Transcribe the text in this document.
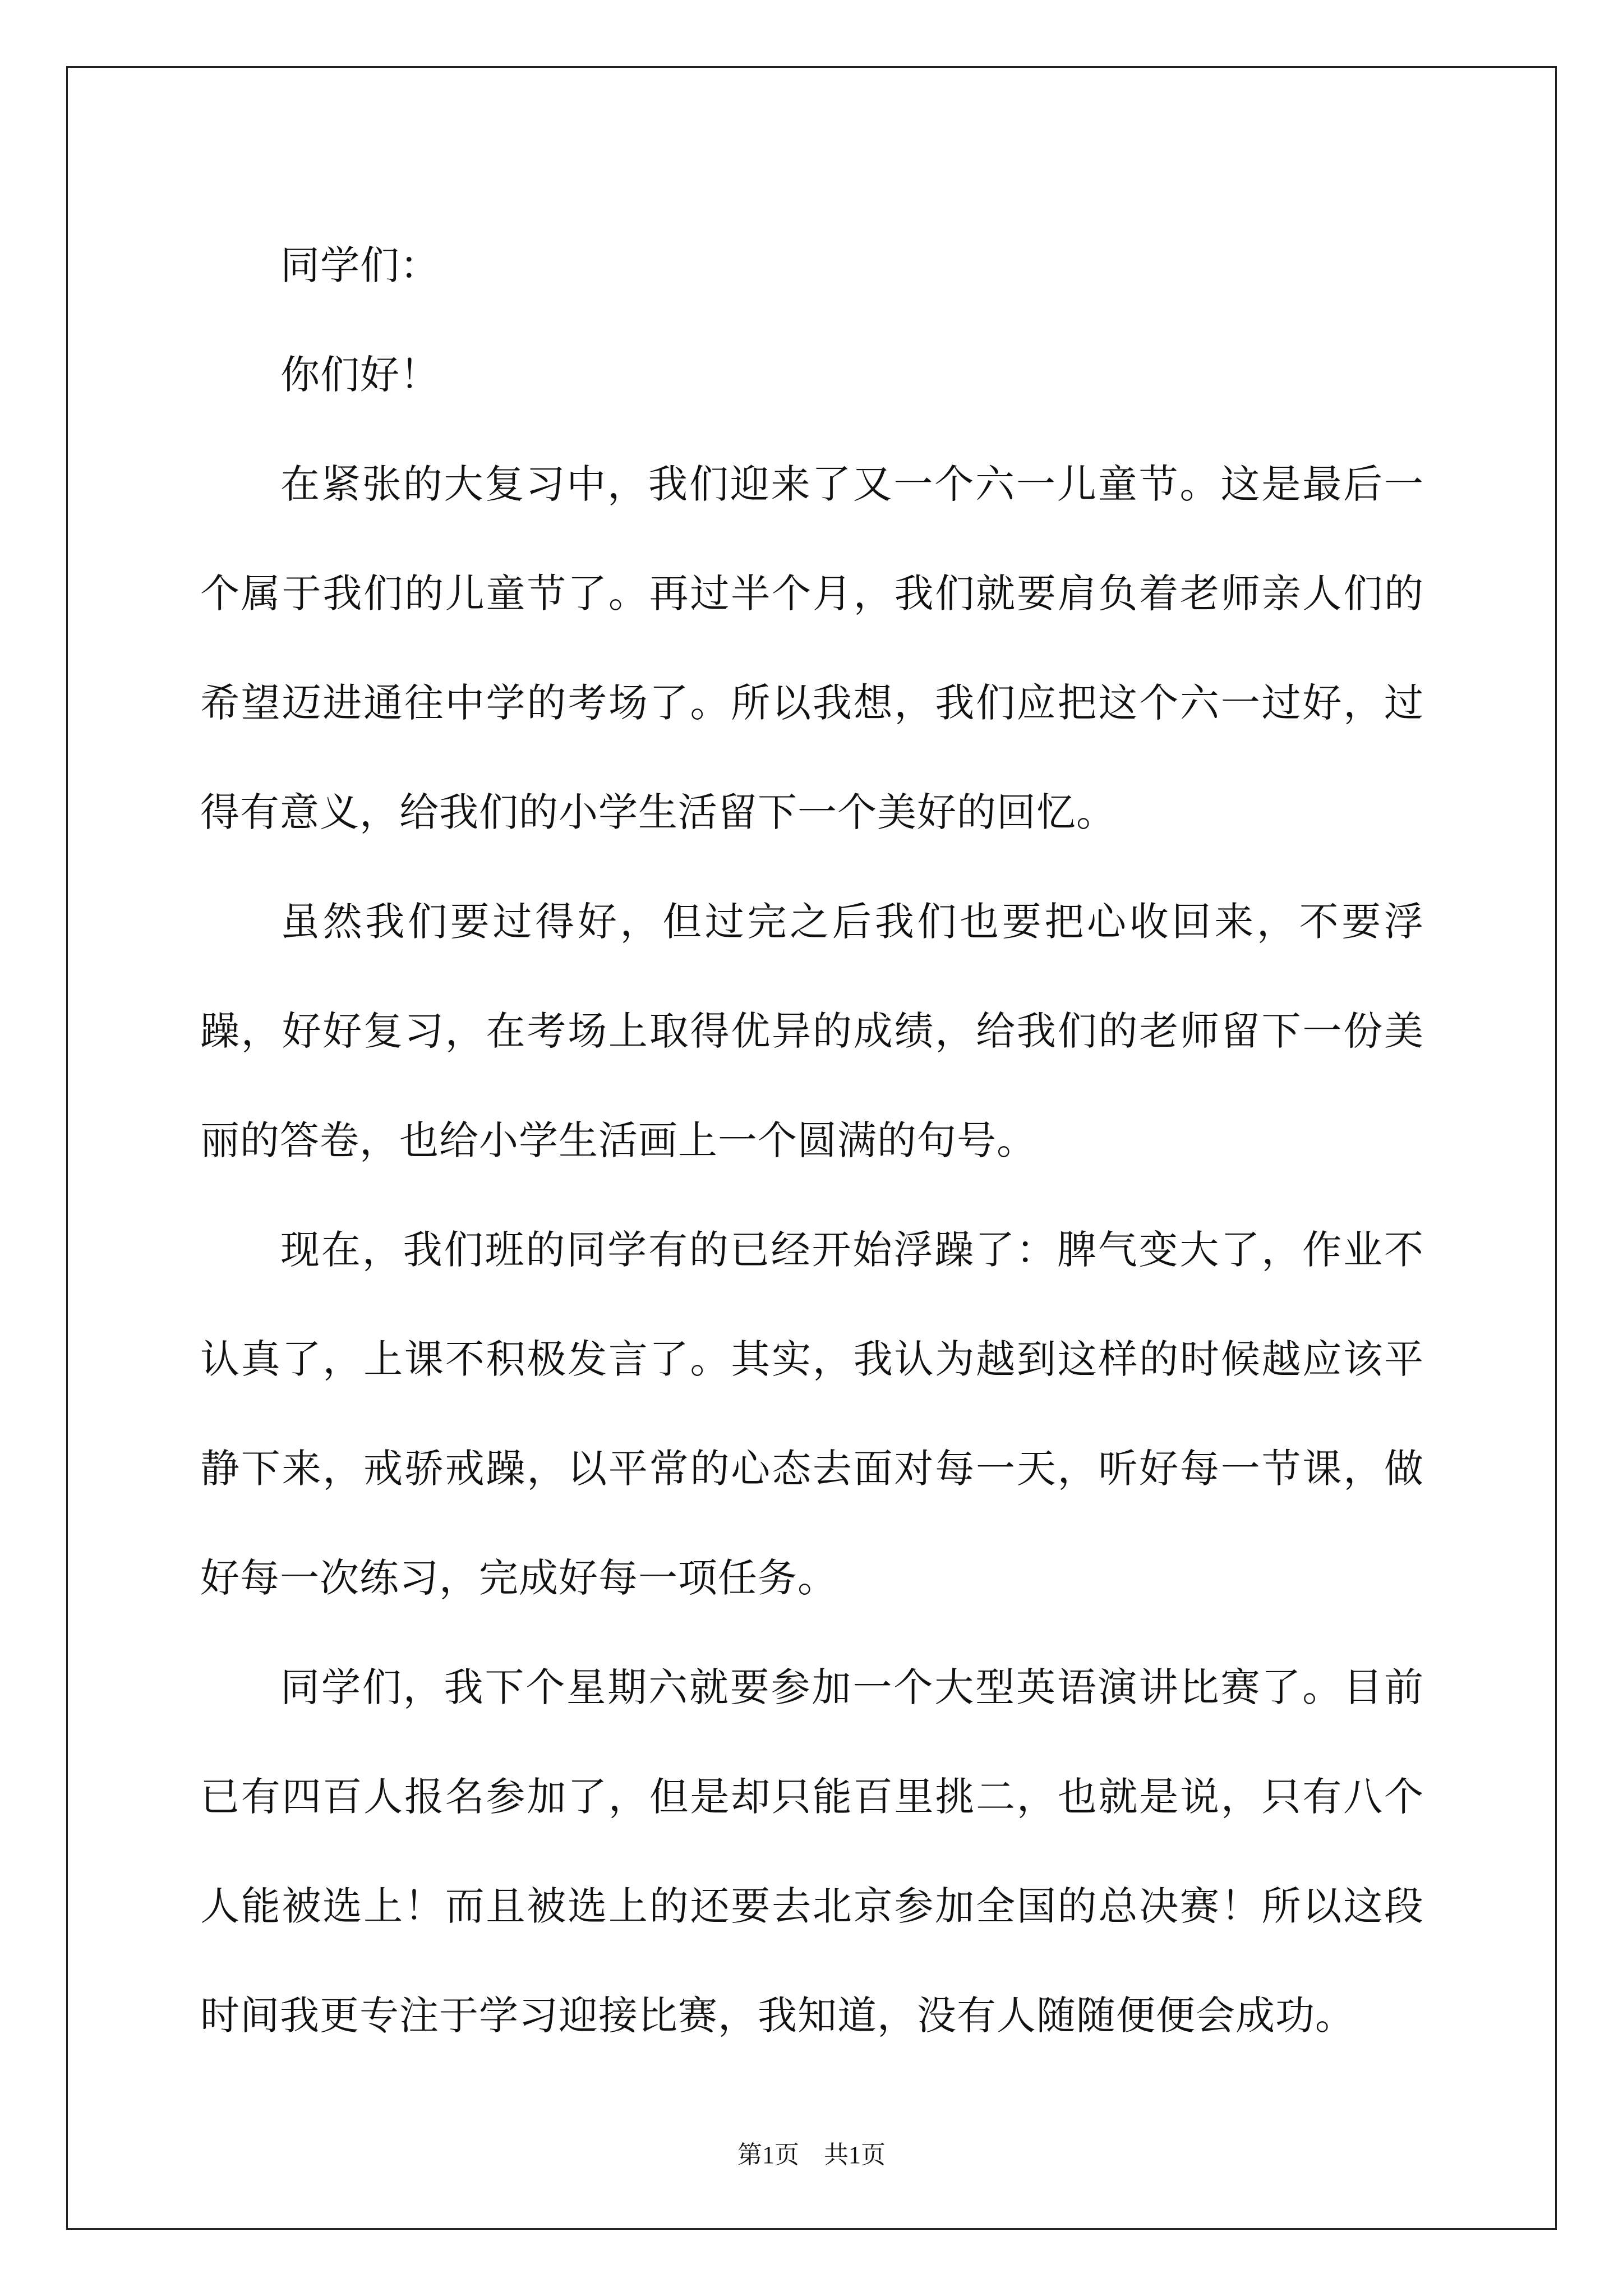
同学们：

你们好！

在紧张的大复习中，我们迎来了又一个六一儿童节。这是最后一个属于我们的儿童节了。再过半个月，我们就要肩负着老师亲人们的希望迈进通往中学的考场了。所以我想，我们应把这个六一过好，过得有意义，给我们的小学生活留下一个美好的回忆。

虽然我们要过得好，但过完之后我们也要把心收回来，不要浮躁，好好复习，在考场上取得优异的成绩，给我们的老师留下一份美丽的答卷，也给小学生活画上一个圆满的句号。

现在，我们班的同学有的已经开始浮躁了：脾气变大了，作业不认真了，上课不积极发言了。其实，我认为越到这样的时候越应该平静下来，戒骄戒躁，以平常的心态去面对每一天，听好每一节课，做好每一次练习，完成好每一项任务。

同学们，我下个星期六就要参加一个大型英语演讲比赛了。目前已有四百人报名参加了，但是却只能百里挑二，也就是说，只有八个人能被选上！而且被选上的还要去北京参加全国的总决赛！所以这段时间我更专注于学习迎接比赛，我知道，没有人随随便便会成功。

第1页 共1页
